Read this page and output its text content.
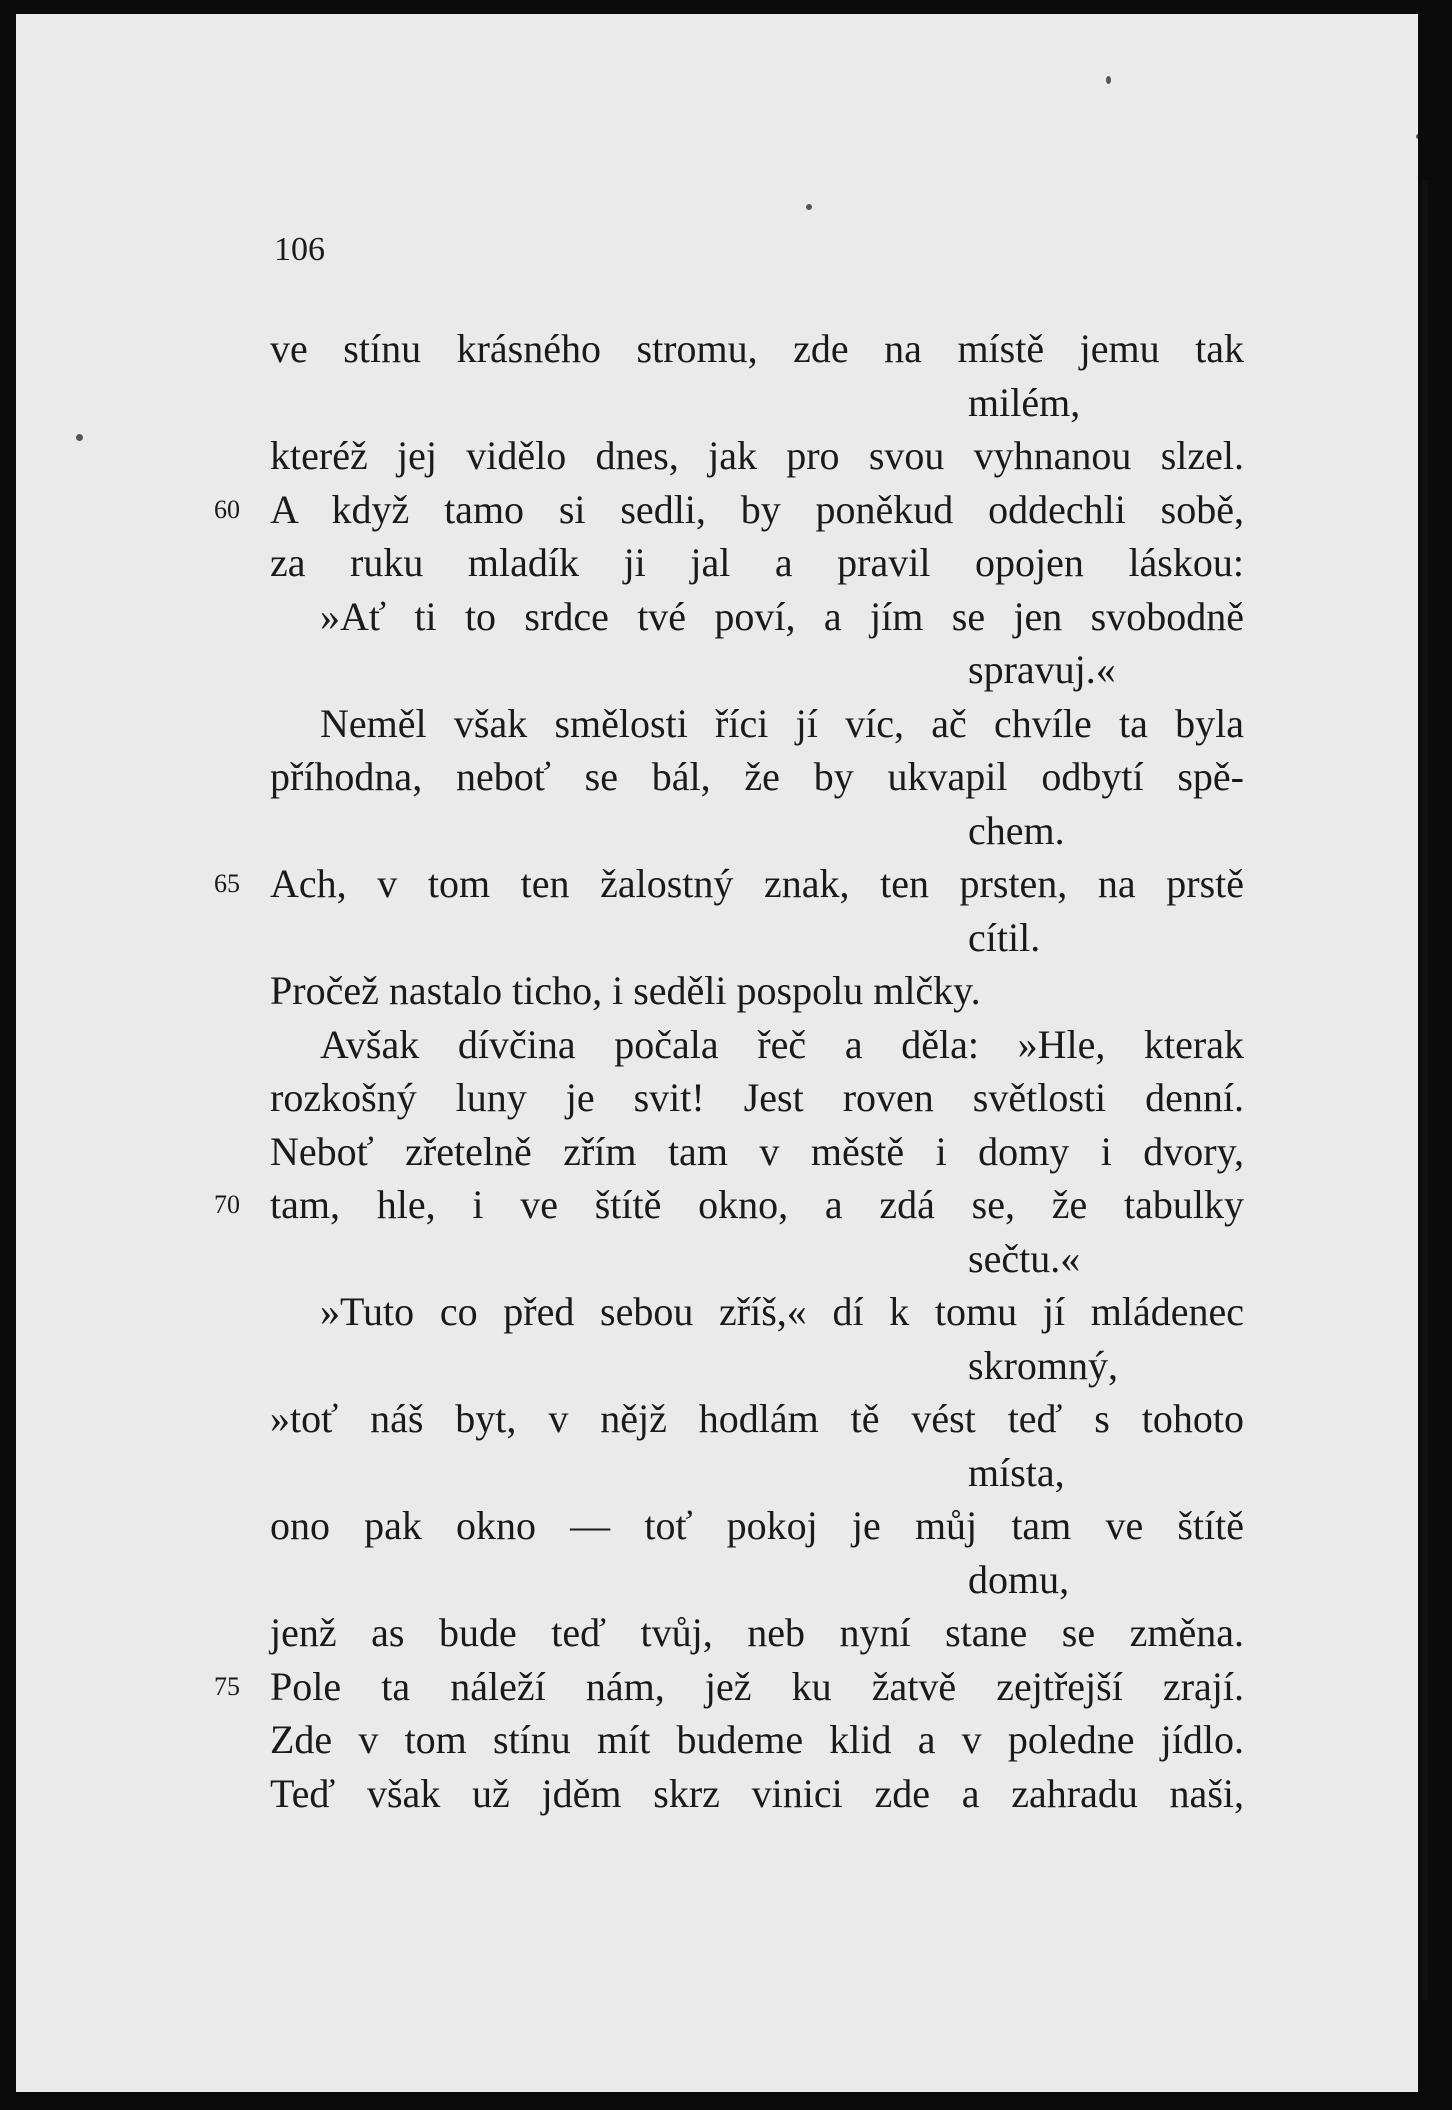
106
ve stínu krásného stromu, zde na místě jemu tak
milém,
kteréž jej vidělo dnes, jak pro svou vyhnanou slzel.
A když tamo si sedli, by poněkud oddechli sobě,
60
za ruku mladík ji jal a pravil opojen láskou:
»Ať ti to srdce tvé poví, a jím se jen svobodně
spravuj.«
Neměl však smělosti říci jí víc, ač chvíle ta byla
příhodna, neboť se bál, že by ukvapil odbytí spě-
chem.
Ach, v tom ten žalostný znak, ten prsten, na prstě
65
cítil.
Pročež nastalo ticho, i seděli pospolu mlčky.
Avšak dívčina počala řeč a děla: »Hle, kterak
rozkošný luny je svit! Jest roven světlosti denní.
Neboť zřetelně zřím tam v městě i domy i dvory,
tam, hle, i ve štítě okno, a zdá se, že tabulky
70
sečtu.«
»Tuto co před sebou zříš,« dí k tomu jí mládenec
skromný,
»toť náš byt, v nějž hodlám tě vést teď s tohoto
místa,
ono pak okno — toť pokoj je můj tam ve štítě
domu,
jenž as bude teď tvůj, neb nyní stane se změna.
Pole ta náleží nám, jež ku žatvě zejtřejší zrají.
75
Zde v tom stínu mít budeme klid a v poledne jídlo.
Teď však už jděm skrz vinici zde a zahradu naši,
